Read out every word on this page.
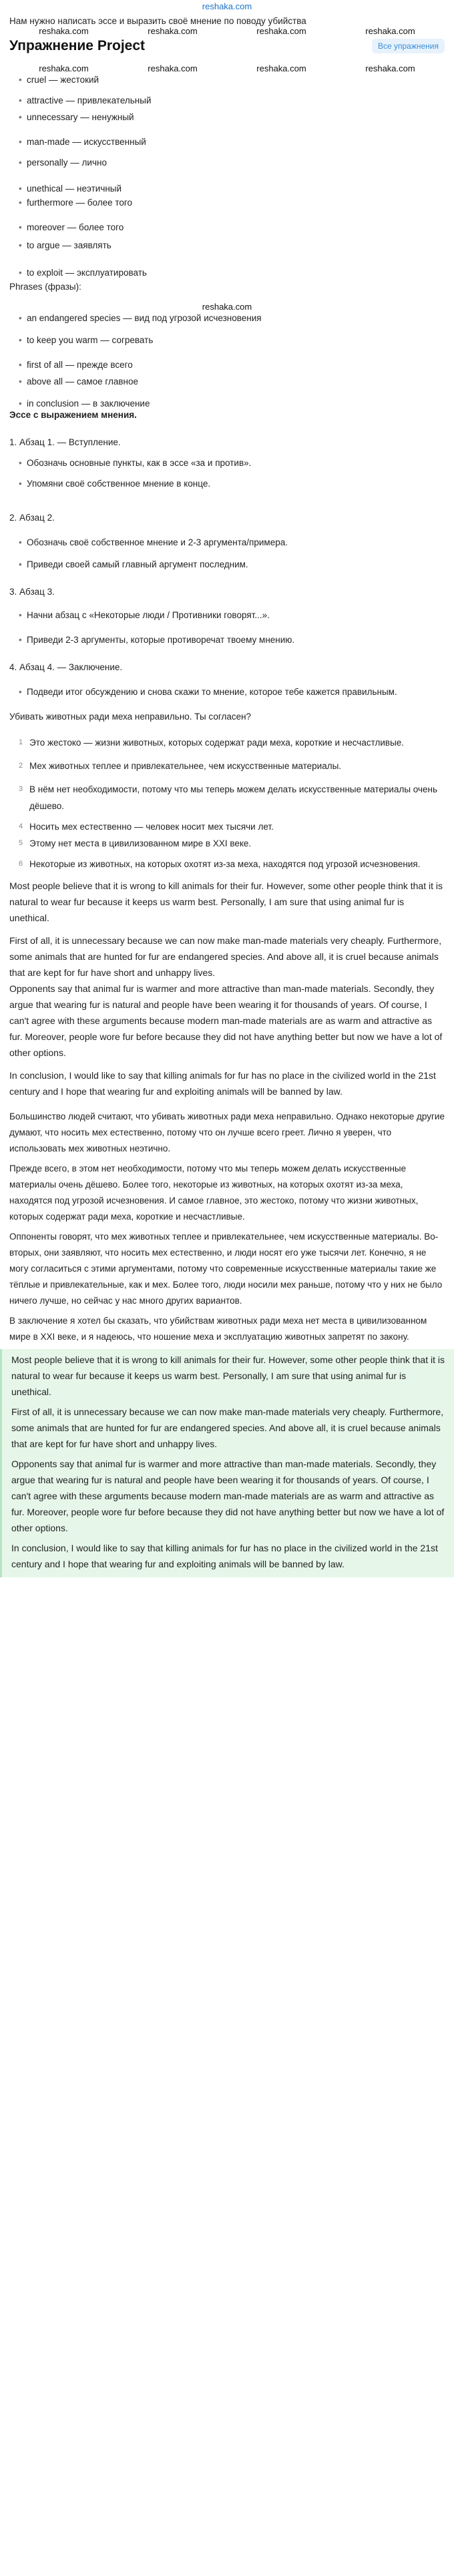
reshaka.com
Нам нужно написать эссе и выразить своё мнение по поводу убийства
reshaka.com	reshaka.com	reshaka.com	reshaka.com
Упражнение Project	Все упражнения
reshaka.com	reshaka.com	reshaka.com	reshaka.com
• cruel — жестокий
• attractive — привлекательный
• unnecessary — ненужный
• man-made — искусственный
• personally — лично
• unethical — неэтичный
• furthermore — более того
• moreover — более того
• to argue — заявлять
• to exploit — эксплуатировать
Phrases (фразы):
reshaka.com
• an endangered species — вид под угрозой исчезновения
• to keep you warm — согревать
• first of all — прежде всего
• above all — самое главное
• in conclusion — в заключение
Эссе с выражением мнения.
1. Абзац 1. — Вступление.
• Обозначь основные пункты, как в эссе «за и против».
• Упомяни своё собственное мнение в конце.
2. Абзац 2.
• Обозначь своё собственное мнение и 2-3 аргумента/примера.
• Приведи своей самый главный аргумент последним.
3. Абзац 3.
• Начни абзац с «Некоторые люди / Противники говорят...».
• Приведи 2-3 аргументы, которые противоречат твоему мнению.
4. Абзац 4. — Заключение.
• Подведи итог обсуждению и снова скажи то мнение, которое тебе кажется правильным.
Убивать животных ради меха неправильно. Ты согласен?
1 Это жестоко — жизни животных, которых содержат ради меха, короткие и несчастливые.
2 Мех животных теплее и привлекательнее, чем искусственные материалы.
3 В нём нет необходимости, потому что мы теперь можем делать искусственные материалы очень дёшево.
4 Носить мех естественно — человек носит мех тысячи лет.
5 Этому нет места в цивилизованном мире в XXI веке.
6 Некоторые из животных, на которых охотят из-за меха, находятся под угрозой исчезновения.

Most people believe that it is wrong to kill animals for their fur. However, some other people think that it is natural to wear fur because it keeps us warm best. Personally, I am sure that using animal fur is unethical.

First of all, it is unnecessary because we can now make man-made materials very cheaply. Furthermore, some animals that are hunted for fur are endangered species. And above all, it is cruel because animals that are kept for fur have short and unhappy lives.

Opponents say that animal fur is warmer and more attractive than man-made materials. Secondly, they argue that wearing fur is natural and people have been wearing it for thousands of years. Of course, I can't agree with these arguments because modern man-made materials are as warm and attractive as fur. Moreover, people wore fur before because they did not have anything better but now we have a lot of other options.

In conclusion, I would like to say that killing animals for fur has no place in the civilized world in the 21st century and I hope that wearing fur and exploiting animals will be banned by law.

Большинство людей считают, что убивать животных ради меха неправильно. Однако некоторые другие думают, что носить мех естественно, потому что он лучше всего греет. Лично я уверен, что использовать мех животных неэтично.

Прежде всего, в этом нет необходимости, потому что мы теперь можем делать искусственные материалы очень дёшево. Более того, некоторые из животных, на которых охотят из-за меха, находятся под угрозой исчезновения. И самое главное, это жестоко, потому что жизни животных, которых содержат ради меха, короткие и несчастливые.

Оппоненты говорят, что мех животных теплее и привлекательнее, чем искусственные материалы. Во-вторых, они заявляют, что носить мех естественно, и люди носят его уже тысячи лет. Конечно, я не могу согласиться с этими аргументами, потому что современные искусственные материалы такие же тёплые и привлекательные, как и мех. Более того, люди носили мех раньше, потому что у них не было ничего лучше, но сейчас у нас много других вариантов.

В заключение я хотел бы сказать, что убийствам животных ради меха нет места в цивилизованном мире в XXI веке, и я надеюсь, что ношение меха и эксплуатацию животных запретят по закону.

Most people believe that it is wrong to kill animals for their fur. However, some other people think that it is natural to wear fur because it keeps us warm best. Personally, I am sure that using animal fur is unethical.

First of all, it is unnecessary because we can now make man-made materials very cheaply. Furthermore, some animals that are hunted for fur are endangered species. And above all, it is cruel because animals that are kept for fur have short and unhappy lives.

Opponents say that animal fur is warmer and more attractive than man-made materials. Secondly, they argue that wearing fur is natural and people have been wearing it for thousands of years. Of course, I can't agree with these arguments because modern man-made materials are as warm and attractive as fur. Moreover, people wore fur before because they did not have anything better but now we have a lot of other options.

In conclusion, I would like to say that killing animals for fur has no place in the civilized world in the 21st century and I hope that wearing fur and exploiting animals will be banned by law.
